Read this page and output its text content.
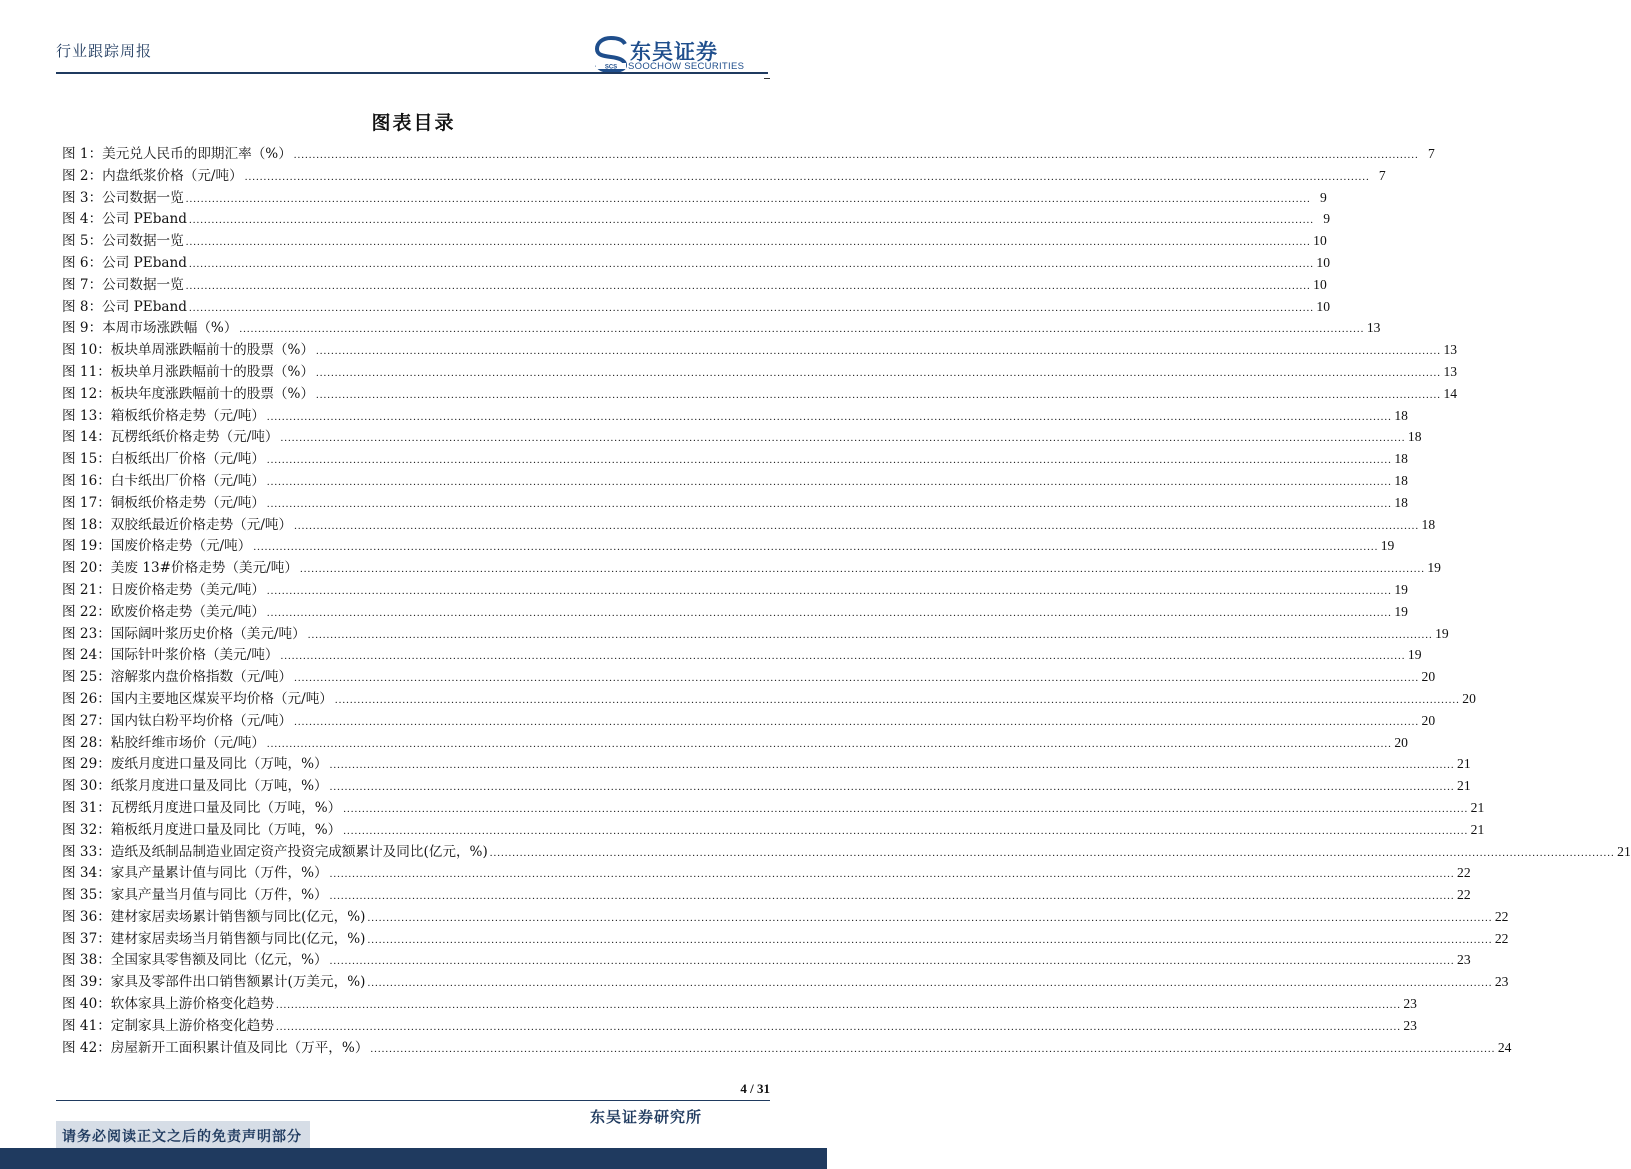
行业跟踪周报
SCS
东吴证券
SOOCHOW SECURITIES
图表目录
图 1：美元兑人民币的即期汇率（%） ............................................................................................................................................................................................................................................................................................................ 7
图 2：内盘纸浆价格（元/吨） ............................................................................................................................................................................................................................................................................................................ 7
图 3：公司数据一览 ............................................................................................................................................................................................................................................................................................................ 9
图 4：公司 PEband ............................................................................................................................................................................................................................................................................................................ 9
图 5：公司数据一览 ............................................................................................................................................................................................................................................................................................................ 10
图 6：公司 PEband ............................................................................................................................................................................................................................................................................................................ 10
图 7：公司数据一览 ............................................................................................................................................................................................................................................................................................................ 10
图 8：公司 PEband ............................................................................................................................................................................................................................................................................................................ 10
图 9：本周市场涨跌幅（%） ............................................................................................................................................................................................................................................................................................................ 13
图 10：板块单周涨跌幅前十的股票（%） ............................................................................................................................................................................................................................................................................................................ 13
图 11：板块单月涨跌幅前十的股票（%） ............................................................................................................................................................................................................................................................................................................ 13
图 12：板块年度涨跌幅前十的股票（%） ............................................................................................................................................................................................................................................................................................................ 14
图 13：箱板纸价格走势（元/吨） ............................................................................................................................................................................................................................................................................................................ 18
图 14：瓦楞纸纸价格走势（元/吨） ............................................................................................................................................................................................................................................................................................................ 18
图 15：白板纸出厂价格（元/吨） ............................................................................................................................................................................................................................................................................................................ 18
图 16：白卡纸出厂价格（元/吨） ............................................................................................................................................................................................................................................................................................................ 18
图 17：铜板纸价格走势（元/吨） ............................................................................................................................................................................................................................................................................................................ 18
图 18：双胶纸最近价格走势（元/吨） ............................................................................................................................................................................................................................................................................................................ 18
图 19：国废价格走势（元/吨） ............................................................................................................................................................................................................................................................................................................ 19
图 20：美废 13#价格走势（美元/吨） ............................................................................................................................................................................................................................................................................................................ 19
图 21：日废价格走势（美元/吨） ............................................................................................................................................................................................................................................................................................................ 19
图 22：欧废价格走势（美元/吨） ............................................................................................................................................................................................................................................................................................................ 19
图 23：国际阔叶浆历史价格（美元/吨） ............................................................................................................................................................................................................................................................................................................ 19
图 24：国际针叶浆价格（美元/吨） ............................................................................................................................................................................................................................................................................................................ 19
图 25：溶解浆内盘价格指数（元/吨） ............................................................................................................................................................................................................................................................................................................ 20
图 26：国内主要地区煤炭平均价格（元/吨） ............................................................................................................................................................................................................................................................................................................ 20
图 27：国内钛白粉平均价格（元/吨） ............................................................................................................................................................................................................................................................................................................ 20
图 28：粘胶纤维市场价（元/吨） ............................................................................................................................................................................................................................................................................................................ 20
图 29：废纸月度进口量及同比（万吨，%） ............................................................................................................................................................................................................................................................................................................ 21
图 30：纸浆月度进口量及同比（万吨，%） ............................................................................................................................................................................................................................................................................................................ 21
图 31：瓦楞纸月度进口量及同比（万吨，%） ............................................................................................................................................................................................................................................................................................................ 21
图 32：箱板纸月度进口量及同比（万吨，%） ............................................................................................................................................................................................................................................................................................................ 21
图 33：造纸及纸制品制造业固定资产投资完成额累计及同比(亿元，%) ............................................................................................................................................................................................................................................................................................................ 21
图 34：家具产量累计值与同比（万件，%） ............................................................................................................................................................................................................................................................................................................ 22
图 35：家具产量当月值与同比（万件，%） ............................................................................................................................................................................................................................................................................................................ 22
图 36：建材家居卖场累计销售额与同比(亿元，%) ............................................................................................................................................................................................................................................................................................................ 22
图 37：建材家居卖场当月销售额与同比(亿元，%) ............................................................................................................................................................................................................................................................................................................ 22
图 38：全国家具零售额及同比（亿元，%） ............................................................................................................................................................................................................................................................................................................ 23
图 39：家具及零部件出口销售额累计(万美元，%) ............................................................................................................................................................................................................................................................................................................ 23
图 40：软体家具上游价格变化趋势 ............................................................................................................................................................................................................................................................................................................ 23
图 41：定制家具上游价格变化趋势 ............................................................................................................................................................................................................................................................................................................ 23
图 42：房屋新开工面积累计值及同比（万平，%） ............................................................................................................................................................................................................................................................................................................ 24
4 / 31
东吴证券研究所
请务必阅读正文之后的免责声明部分
